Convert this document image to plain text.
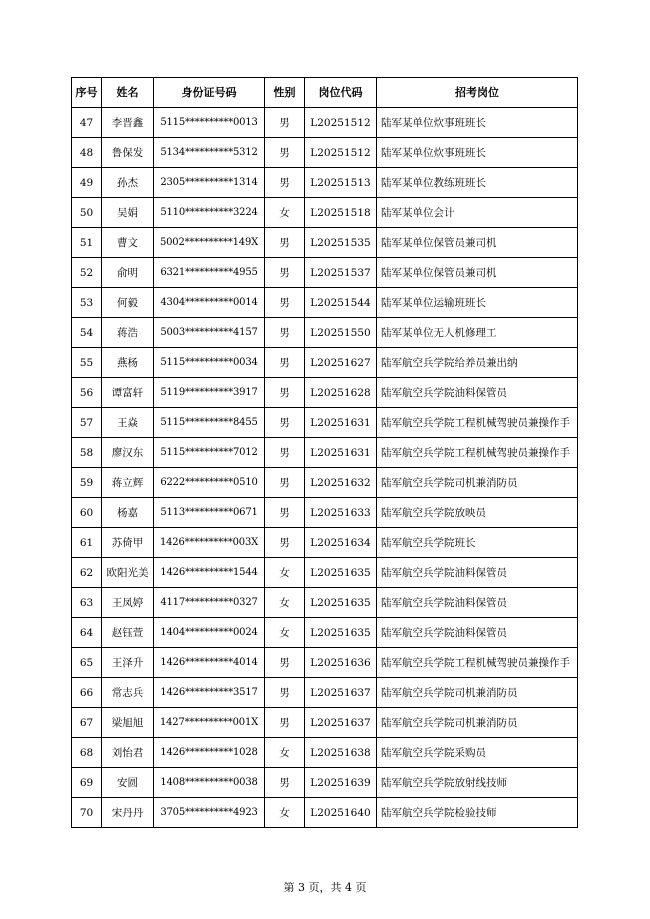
序号	姓名	身份证号码	性别	岗位代码	招考岗位
47	李晋鑫	5115**********0013	男	L20251512	陆军某单位炊事班班长
48	鲁保发	5134**********5312	男	L20251512	陆军某单位炊事班班长
49	孙杰	2305**********1314	男	L20251513	陆军某单位教练班班长
50	吴娟	5110**********3224	女	L20251518	陆军某单位会计
51	曹文	5002**********149X	男	L20251535	陆军某单位保管员兼司机
52	俞明	6321**********4955	男	L20251537	陆军某单位保管员兼司机
53	何毅	4304**********0014	男	L20251544	陆军某单位运输班班长
54	蒋浩	5003**********4157	男	L20251550	陆军某单位无人机修理工
55	燕杨	5115**********0034	男	L20251627	陆军航空兵学院给养员兼出纳
56	谭富轩	5119**********3917	男	L20251628	陆军航空兵学院油料保管员
57	王焱	5115**********8455	男	L20251631	陆军航空兵学院工程机械驾驶员兼操作手
58	廖汉东	5115**********7012	男	L20251631	陆军航空兵学院工程机械驾驶员兼操作手
59	蒋立辉	6222**********0510	男	L20251632	陆军航空兵学院司机兼消防员
60	杨嘉	5113**********0671	男	L20251633	陆军航空兵学院放映员
61	苏倚甲	1426**********003X	男	L20251634	陆军航空兵学院班长
62	欧阳光美	1426**********1544	女	L20251635	陆军航空兵学院油料保管员
63	王凤婷	4117**********0327	女	L20251635	陆军航空兵学院油料保管员
64	赵钰萱	1404**********0024	女	L20251635	陆军航空兵学院油料保管员
65	王泽升	1426**********4014	男	L20251636	陆军航空兵学院工程机械驾驶员兼操作手
66	常志兵	1426**********3517	男	L20251637	陆军航空兵学院司机兼消防员
67	梁旭旭	1427**********001X	男	L20251637	陆军航空兵学院司机兼消防员
68	刘怡君	1426**********1028	女	L20251638	陆军航空兵学院采购员
69	安圆	1408**********0038	男	L20251639	陆军航空兵学院放射线技师
70	宋丹丹	3705**********4923	女	L20251640	陆军航空兵学院检验技师
第 3 页，共 4 页
